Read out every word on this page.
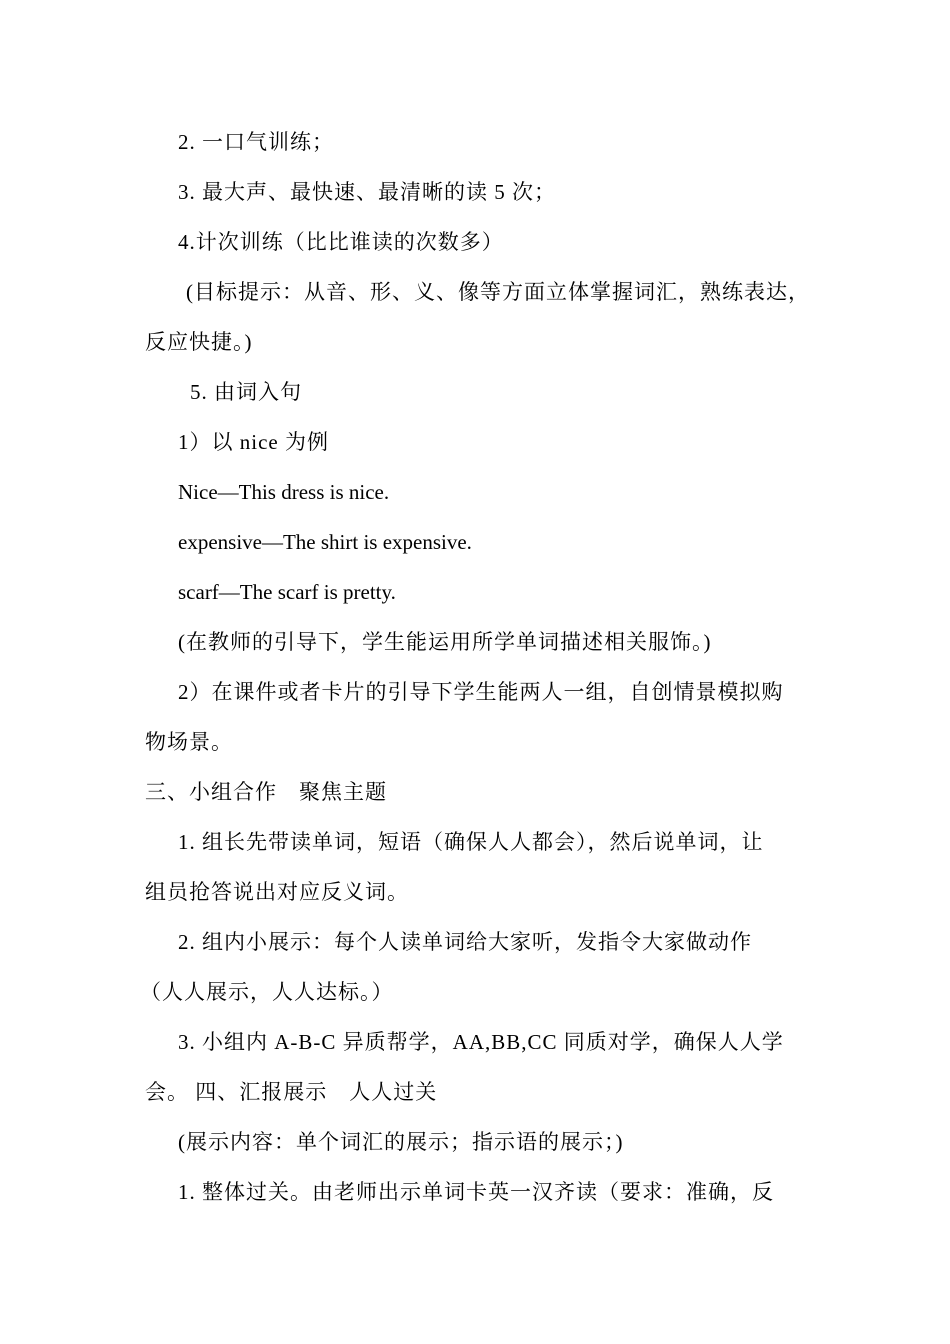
2. 一口气训练；
3. 最大声、最快速、最清晰的读 5 次；
4.计次训练（比比谁读的次数多）
(目标提示：从音、形、义、像等方面立体掌握词汇，熟练表达，
反应快捷。)
5. 由词入句
1）以 nice 为例
Nice—This dress is nice.
expensive—The shirt is expensive.
scarf—The scarf is pretty.
(在教师的引导下，学生能运用所学单词描述相关服饰。)
2）在课件或者卡片的引导下学生能两人一组，自创情景模拟购
物场景。
三、小组合作　聚焦主题
1. 组长先带读单词，短语（确保人人都会），然后说单词，让
组员抢答说出对应反义词。
2. 组内小展示：每个人读单词给大家听，发指令大家做动作
（人人展示，人人达标。）
3. 小组内 A-B-C 异质帮学，AA,BB,CC 同质对学，确保人人学
会。 四、汇报展示　人人过关
(展示内容：单个词汇的展示；指示语的展示；)
1. 整体过关。由老师出示单词卡英一汉齐读（要求：准确，反
